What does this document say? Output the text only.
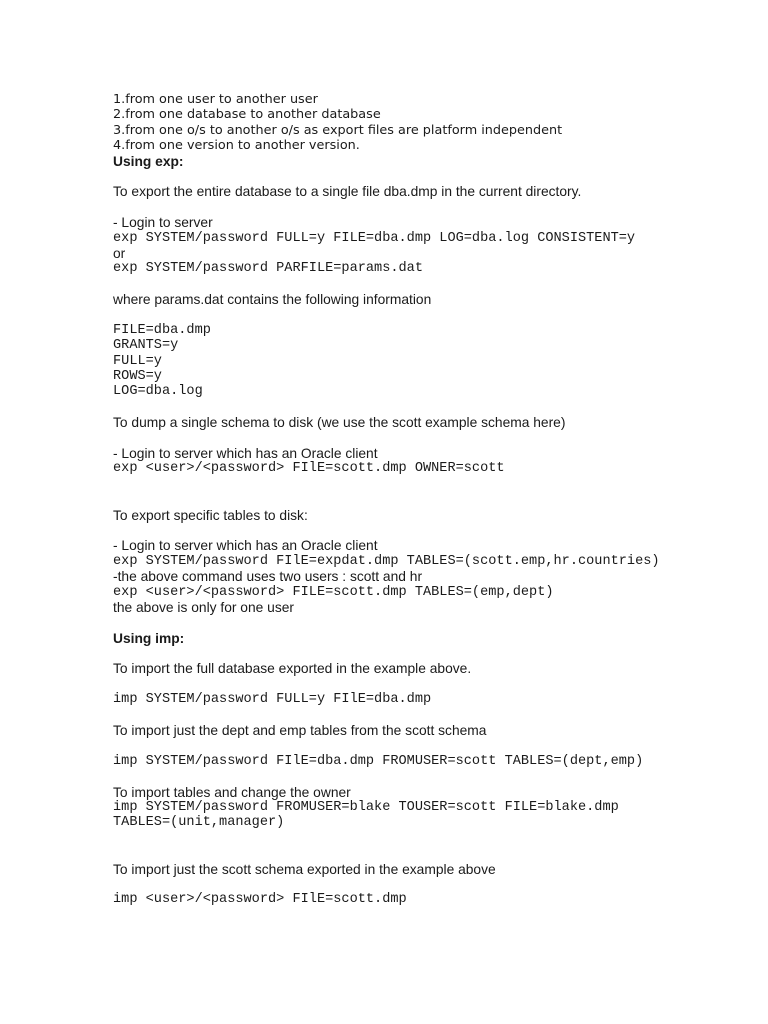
1.from one user to another user
2.from one database to another database
3.from one o/s to another o/s as export files are platform independent
4.from one version to another version.
Using exp:
To export the entire database to a single file dba.dmp in the current directory.
- Login to server
exp SYSTEM/password FULL=y FILE=dba.dmp LOG=dba.log CONSISTENT=y
or
exp SYSTEM/password PARFILE=params.dat
where params.dat contains the following information
FILE=dba.dmp
GRANTS=y
FULL=y
ROWS=y
LOG=dba.log
To dump a single schema to disk (we use the scott example schema here)
- Login to server which has an Oracle client
exp <user>/<password> FIlE=scott.dmp OWNER=scott
To export specific tables to disk:
- Login to server which has an Oracle client
exp SYSTEM/password FIlE=expdat.dmp TABLES=(scott.emp,hr.countries)
-the above command uses two users : scott and hr
exp <user>/<password> FILE=scott.dmp TABLES=(emp,dept)
the above is only for one user
Using imp:
To import the full database exported in the example above.
imp SYSTEM/password FULL=y FIlE=dba.dmp
To import just the dept and emp tables from the scott schema
imp SYSTEM/password FIlE=dba.dmp FROMUSER=scott TABLES=(dept,emp)
To import tables and change the owner
imp SYSTEM/password FROMUSER=blake TOUSER=scott FILE=blake.dmp
TABLES=(unit,manager)
To import just the scott schema exported in the example above
imp <user>/<password> FIlE=scott.dmp
